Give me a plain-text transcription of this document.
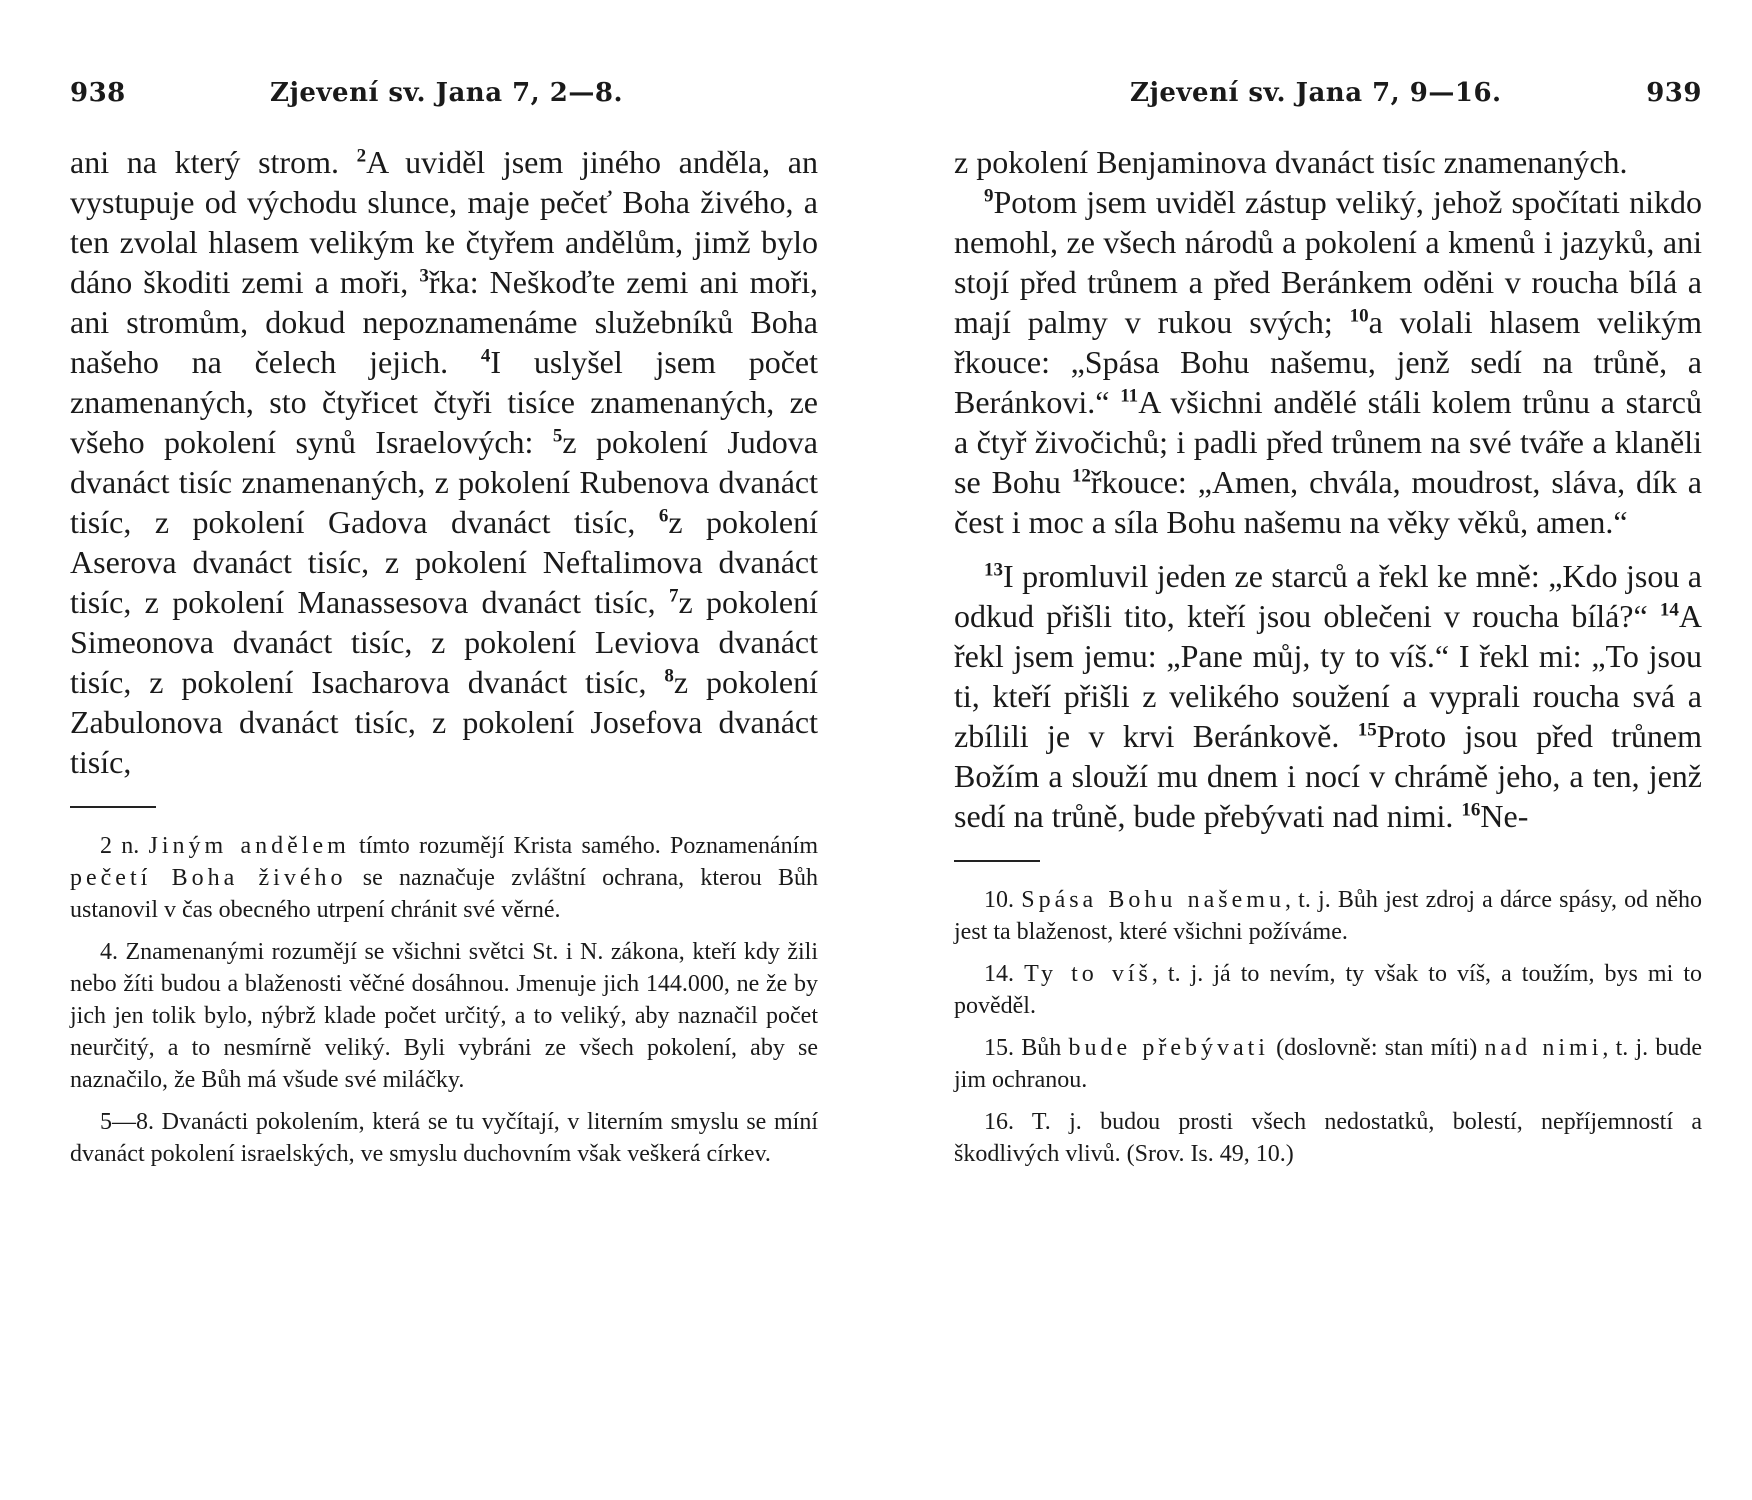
938	Zjevení sv. Jana 7, 2—8.

ani na který strom. $^2$A uviděl jsem jiného anděla, an vystupuje od východu slunce, maje pečeť Boha živého, a ten zvolal hlasem velikým ke čtyřem andělům, jimž bylo dáno škoditi zemi a moři, $^3$řka: Neškoďte zemi ani moři, ani stromům, dokud nepoznamenáme služebníků Boha našeho na čelech jejich. $^4$I uslyšel jsem počet znamenaných, sto čtyřicet čtyři tisíce znamenaných, ze všeho pokolení synů Israelových: $^5$z pokolení Judova dvanáct tisíc znamenaných, z pokolení Rubenova dvanáct tisíc, z pokolení Gadova dvanáct tisíc, $^6$z pokolení Aserova dvanáct tisíc, z pokolení Neftalimova dvanáct tisíc, z pokolení Manassesova dvanáct tisíc, $^7$z pokolení Simeonova dvanáct tisíc, z pokolení Leviova dvanáct tisíc, z pokolení Isacharova dvanáct tisíc, $^8$z pokolení Zabulonova dvanáct tisíc, z pokolení Josefova dvanáct tisíc,

2 n. Jiným andělem tímto rozumějí Krista samého. Poznamenáním pečetí Boha živého se naznačuje zvláštní ochrana, kterou Bůh ustanovil v čas obecného utrpení chránit své věrné.

4. Znamenanými rozumějí se všichni světci St. i N. zákona, kteří kdy žili nebo žíti budou a blaženosti věčné dosáhnou. Jmenuje jich 144.000, ne že by jich jen tolik bylo, nýbrž klade počet určitý, a to veliký, aby naznačil počet neurčitý, a to nesmírně veliký. Byli vybráni ze všech pokolení, aby se naznačilo, že Bůh má všude své miláčky.

5—8. Dvanácti pokolením, která se tu vyčítají, v literním smyslu se míní dvanáct pokolení israelských, ve smyslu duchovním však veškerá církev.

Zjevení sv. Jana 7, 9—16.	939

z pokolení Benjaminova dvanáct tisíc znamenaných.

$^9$Potom jsem uviděl zástup veliký, jehož spočítati nikdo nemohl, ze všech národů a pokolení a kmenů i jazyků, ani stojí před trůnem a před Beránkem oděni v roucha bílá a mají palmy v rukou svých; $^{10}$a volali hlasem velikým řkouce: „Spása Bohu našemu, jenž sedí na trůně, a Beránkovi.“ $^{11}$A všichni andělé stáli kolem trůnu a starců a čtyř živočichů; i padli před trůnem na své tváře a klaněli se Bohu $^{12}$řkouce: „Amen, chvála, moudrost, sláva, dík a čest i moc a síla Bohu našemu na věky věků, amen.“

$^{13}$I promluvil jeden ze starců a řekl ke mně: „Kdo jsou a odkud přišli tito, kteří jsou oblečeni v roucha bílá?“ $^{14}$A řekl jsem jemu: „Pane můj, ty to víš.“ I řekl mi: „To jsou ti, kteří přišli z velikého soužení a vyprali roucha svá a zbílili je v krvi Beránkově. $^{15}$Proto jsou před trůnem Božím a slouží mu dnem i nocí v chrámě jeho, a ten, jenž sedí na trůně, bude přebývati nad nimi. $^{16}$Ne-

10. Spása Bohu našemu, t. j. Bůh jest zdroj a dárce spásy, od něho jest ta blaženost, které všichni požíváme.

14. Ty to víš, t. j. já to nevím, ty však to víš, a toužím, bys mi to pověděl.

15. Bůh bude přebývati (doslovně: stan míti) nad nimi, t. j. bude jim ochranou.

16. T. j. budou prosti všech nedostatků, bolestí, nepříjemností a škodlivých vlivů. (Srov. Is. 49, 10.)
